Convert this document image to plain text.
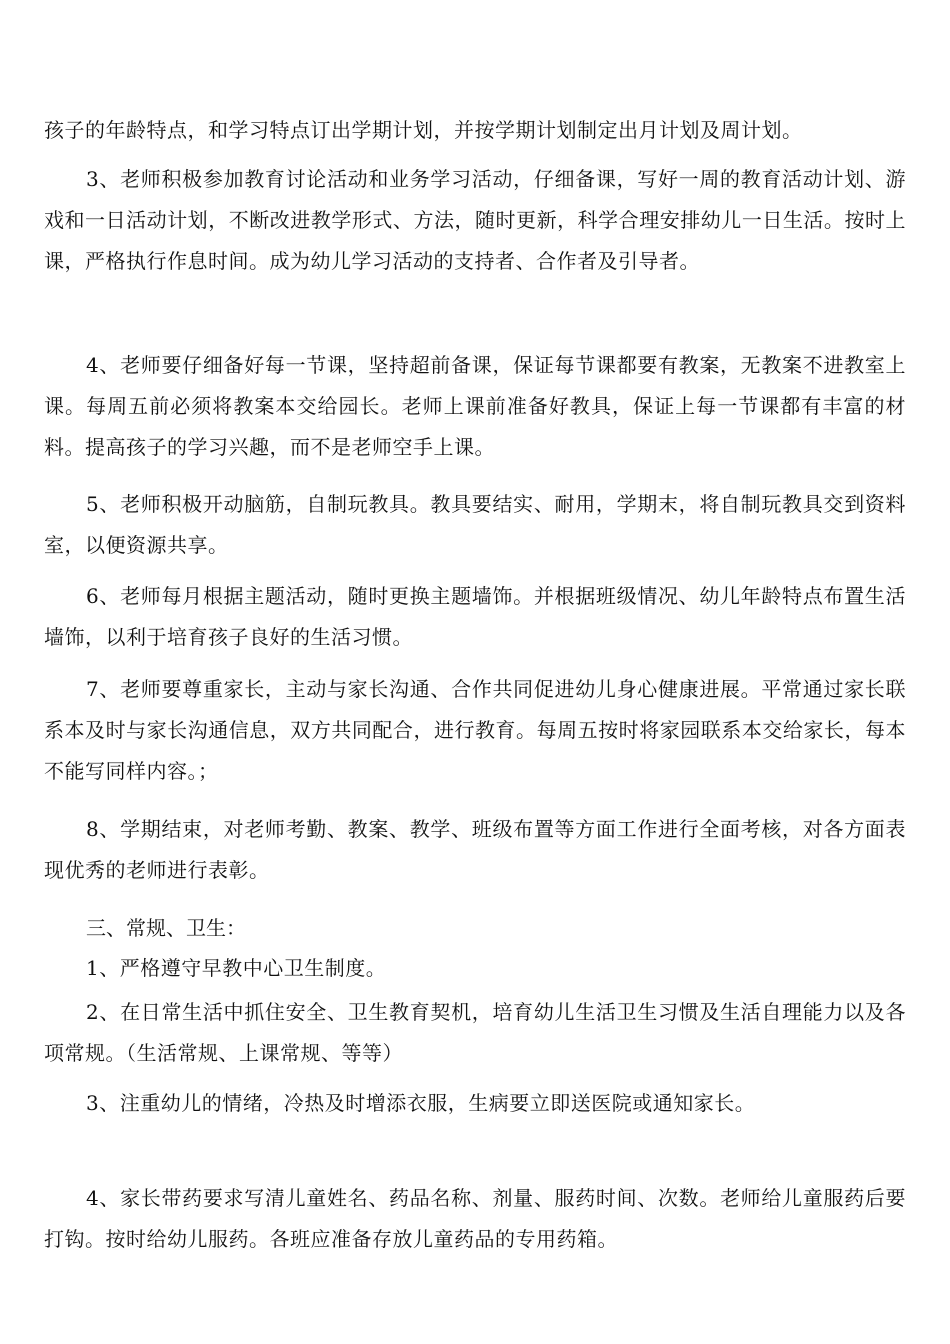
孩子的年龄特点，和学习特点订出学期计划，并按学期计划制定出月计划及周计划。

3、老师积极参加教育讨论活动和业务学习活动，仔细备课，写好一周的教育活动计划、游戏和一日活动计划，不断改进教学形式、方法，随时更新，科学合理安排幼儿一日生活。按时上课，严格执行作息时间。成为幼儿学习活动的支持者、合作者及引导者。

4、老师要仔细备好每一节课，坚持超前备课，保证每节课都要有教案，无教案不进教室上课。每周五前必须将教案本交给园长。老师上课前准备好教具，保证上每一节课都有丰富的材料。提高孩子的学习兴趣，而不是老师空手上课。

5、老师积极开动脑筋，自制玩教具。教具要结实、耐用，学期末，将自制玩教具交到资料室，以便资源共享。

6、老师每月根据主题活动，随时更换主题墙饰。并根据班级情况、幼儿年龄特点布置生活墙饰，以利于培育孩子良好的生活习惯。

7、老师要尊重家长，主动与家长沟通、合作共同促进幼儿身心健康进展。平常通过家长联系本及时与家长沟通信息，双方共同配合，进行教育。每周五按时将家园联系本交给家长，每本不能写同样内容。；

8、学期结束，对老师考勤、教案、教学、班级布置等方面工作进行全面考核，对各方面表现优秀的老师进行表彰。

三、常规、卫生：

1、严格遵守早教中心卫生制度。

2、在日常生活中抓住安全、卫生教育契机，培育幼儿生活卫生习惯及生活自理能力以及各项常规。（生活常规、上课常规、等等）

3、注重幼儿的情绪，冷热及时增添衣服，生病要立即送医院或通知家长。

4、家长带药要求写清儿童姓名、药品名称、剂量、服药时间、次数。老师给儿童服药后要打钩。按时给幼儿服药。各班应准备存放儿童药品的专用药箱。
